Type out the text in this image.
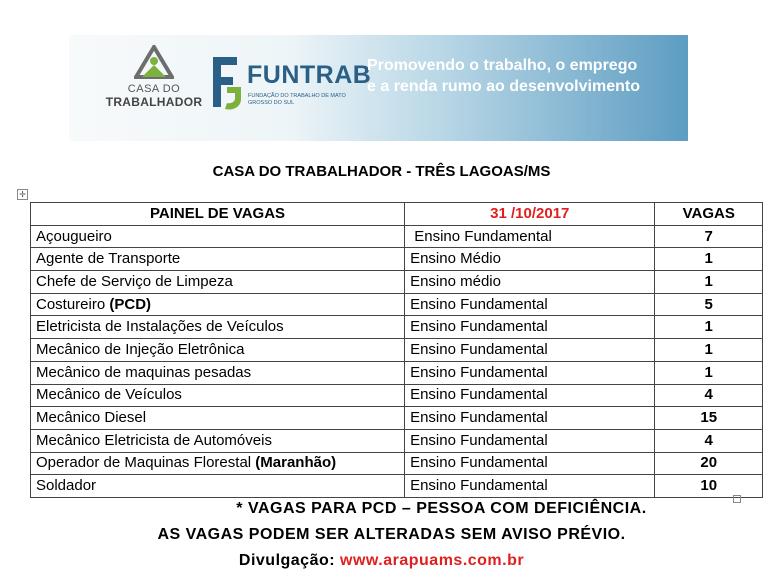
CASA DO
TRABALHADOR
FUNTRAB
FUNDAÇÃO DO TRABALHO DE MATO GROSSO DO SUL
Promovendo o trabalho, o emprego
e a renda rumo ao desenvolvimento
CASA DO TRABALHADOR - TRÊS LAGOAS/MS
✛
PAINEL DE VAGAS	31 /10/2017	VAGAS
Açougueiro	Ensino Fundamental	7
Agente de Transporte	Ensino Médio	1
Chefe de Serviço de Limpeza	Ensino médio	1
Costureiro (PCD)	Ensino Fundamental	5
Eletricista de Instalações de Veículos	Ensino Fundamental	1
Mecânico de Injeção Eletrônica	Ensino Fundamental	1
Mecânico de maquinas pesadas	Ensino Fundamental	1
Mecânico de Veículos	Ensino Fundamental	4
Mecânico Diesel	Ensino Fundamental	15
Mecânico Eletricista de Automóveis	Ensino Fundamental	4
Operador de Maquinas Florestal (Maranhão)	Ensino Fundamental	20
Soldador	Ensino Fundamental	10
* VAGAS PARA PCD – PESSOA COM DEFICIÊNCIA.
AS VAGAS PODEM SER ALTERADAS SEM AVISO PRÉVIO.
Divulgação: www.arapuams.com.br
